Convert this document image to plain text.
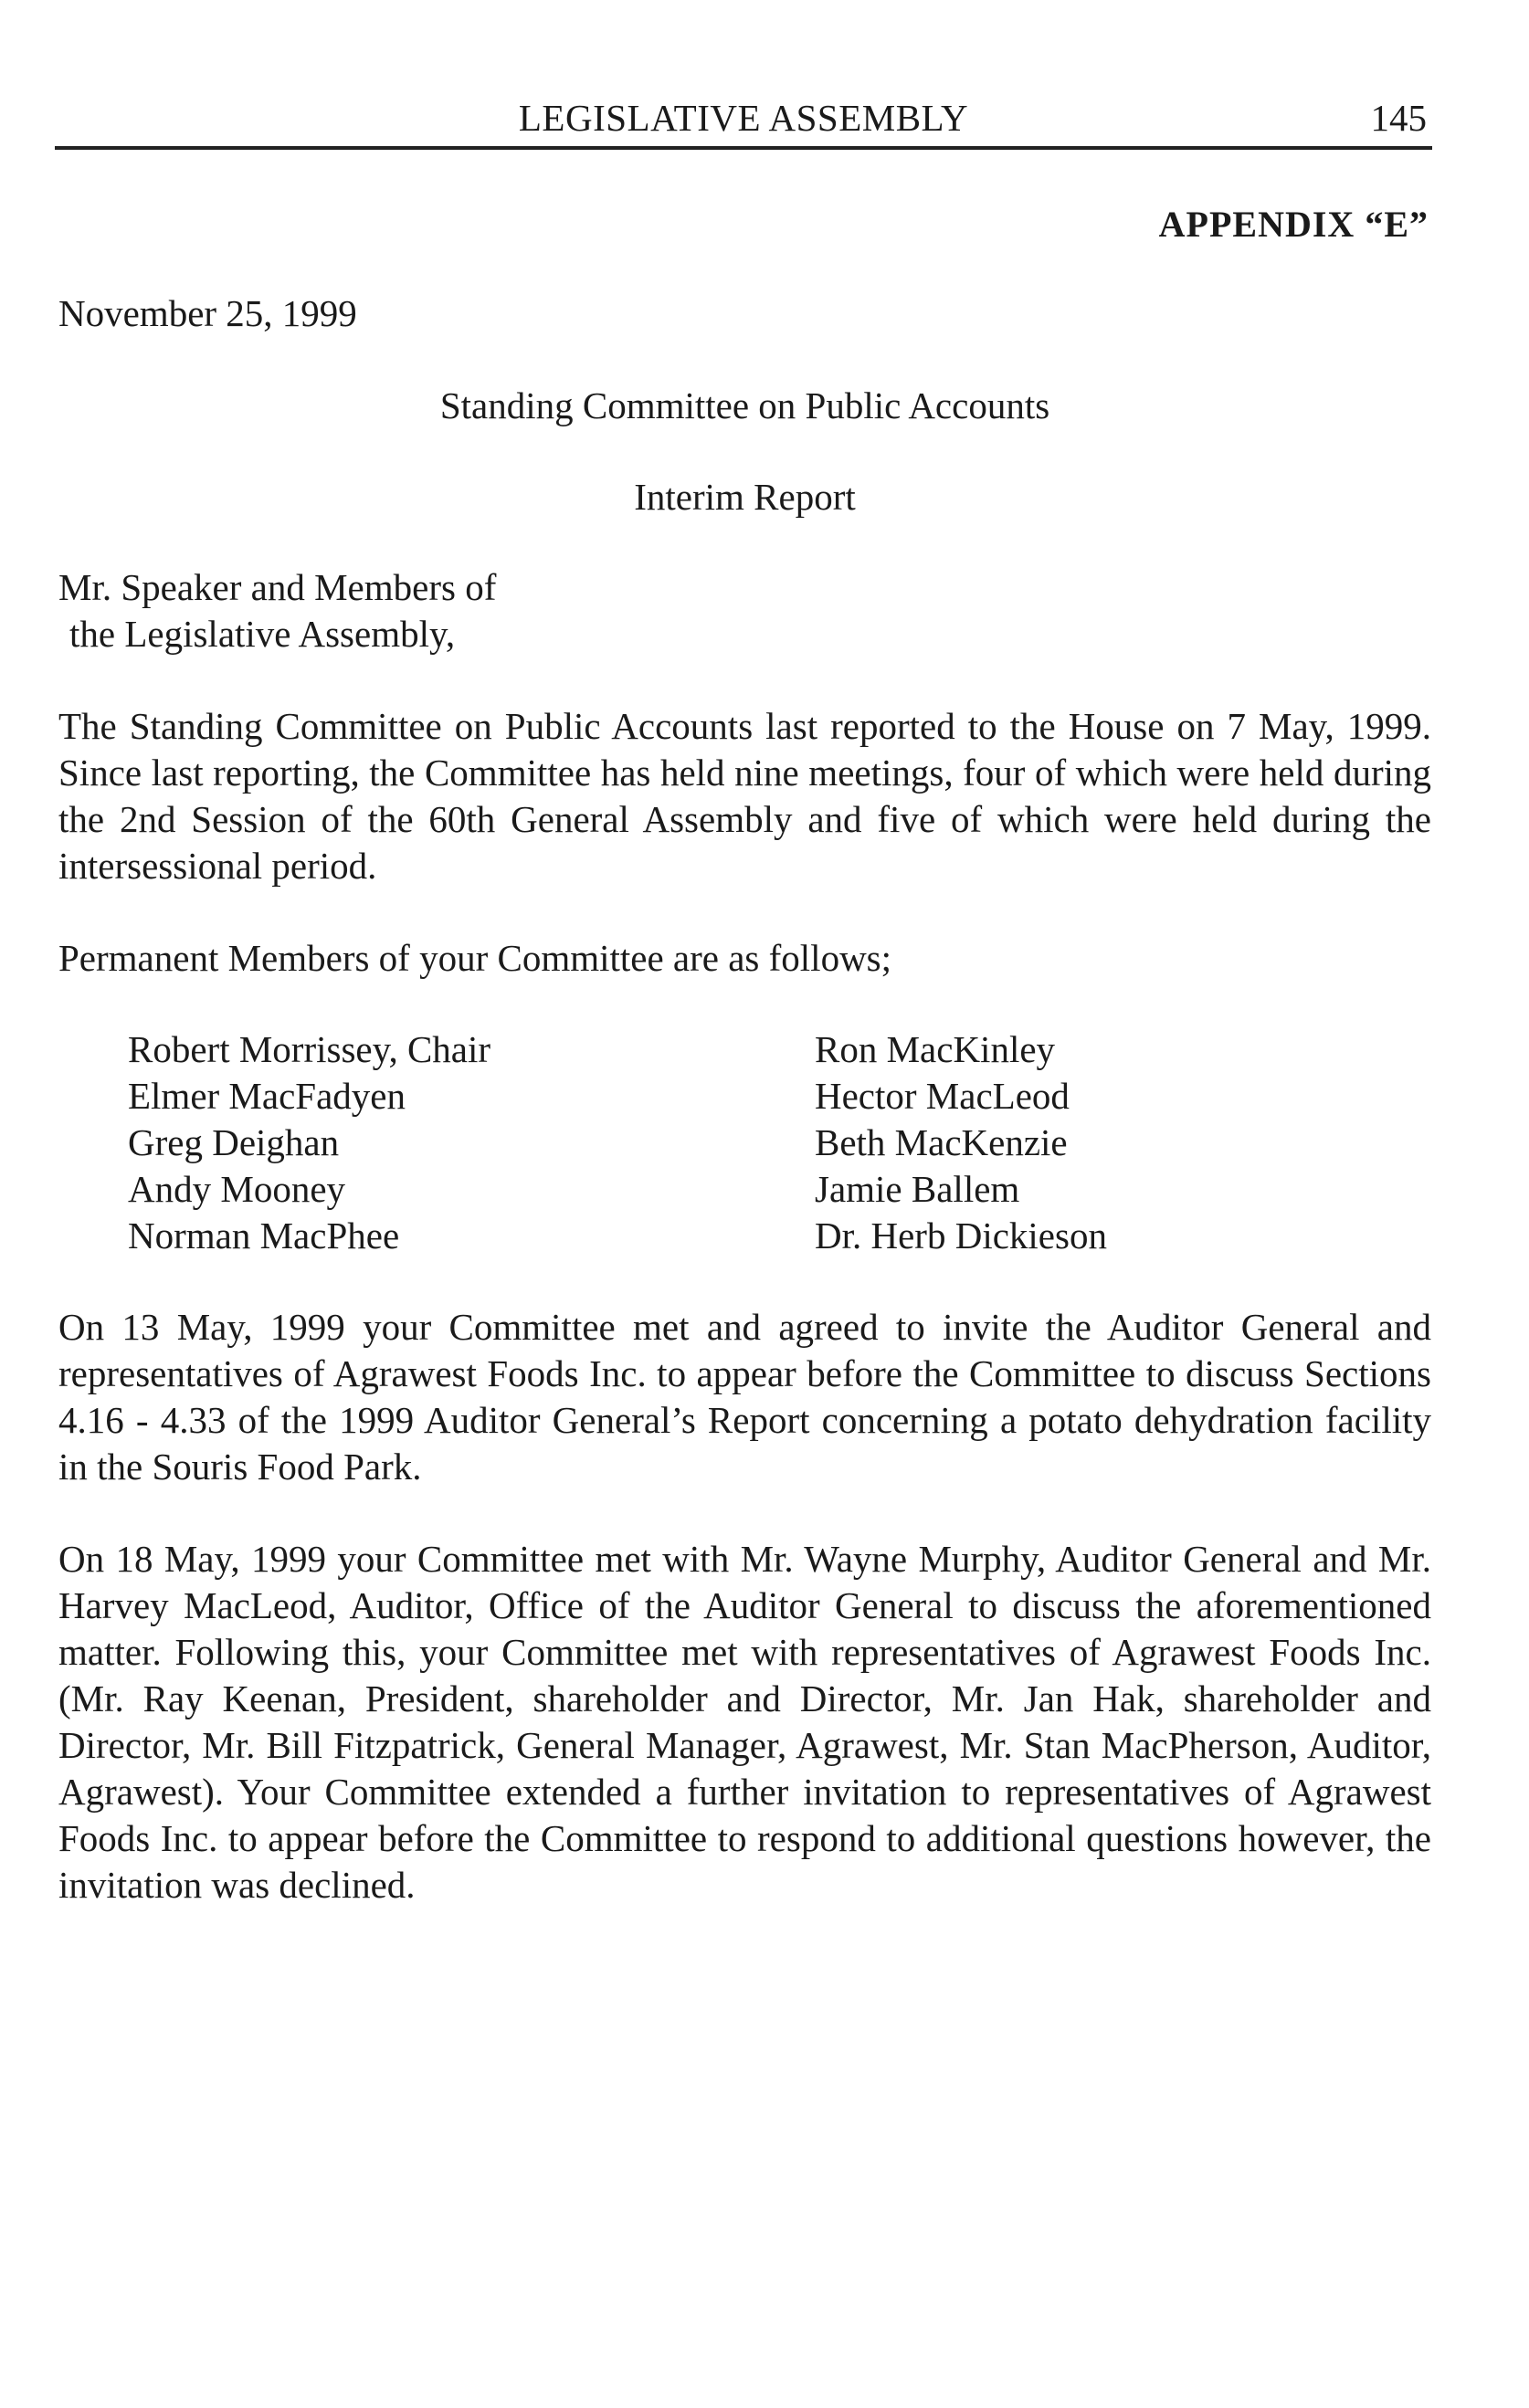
LEGISLATIVE ASSEMBLY	145
APPENDIX “E”

November 25, 1999

Standing Committee on Public Accounts
Interim Report
Mr. Speaker and Members of
the Legislative Assembly,

The Standing Committee on Public Accounts last reported to the House on 7 May, 1999. Since last reporting, the Committee has held nine meetings, four of which were held during the 2nd Session of the 60th General Assembly and five of which were held during the intersessional period.

Permanent Members of your Committee are as follows;

Robert Morrissey, Chair
Elmer MacFadyen
Greg Deighan
Andy Mooney
Norman MacPhee
Ron MacKinley
Hector MacLeod
Beth MacKenzie
Jamie Ballem
Dr. Herb Dickieson

On 13 May, 1999 your Committee met and agreed to invite the Auditor General and representatives of Agrawest Foods Inc. to appear before the Committee to discuss Sections 4.16 - 4.33 of the 1999 Auditor General’s Report concerning a potato dehydration facility in the Souris Food Park.

On 18 May, 1999 your Committee met with Mr. Wayne Murphy, Auditor General and Mr. Harvey MacLeod, Auditor, Office of the Auditor General to discuss the aforementioned matter. Following this, your Committee met with representatives of Agrawest Foods Inc. (Mr. Ray Keenan, President, shareholder and Director, Mr. Jan Hak, shareholder and Director, Mr. Bill Fitzpatrick, General Manager, Agrawest, Mr. Stan MacPherson, Auditor, Agrawest). Your Committee extended a further invitation to representatives of Agrawest Foods Inc. to appear before the Committee to respond to additional questions however, the invitation was declined.
